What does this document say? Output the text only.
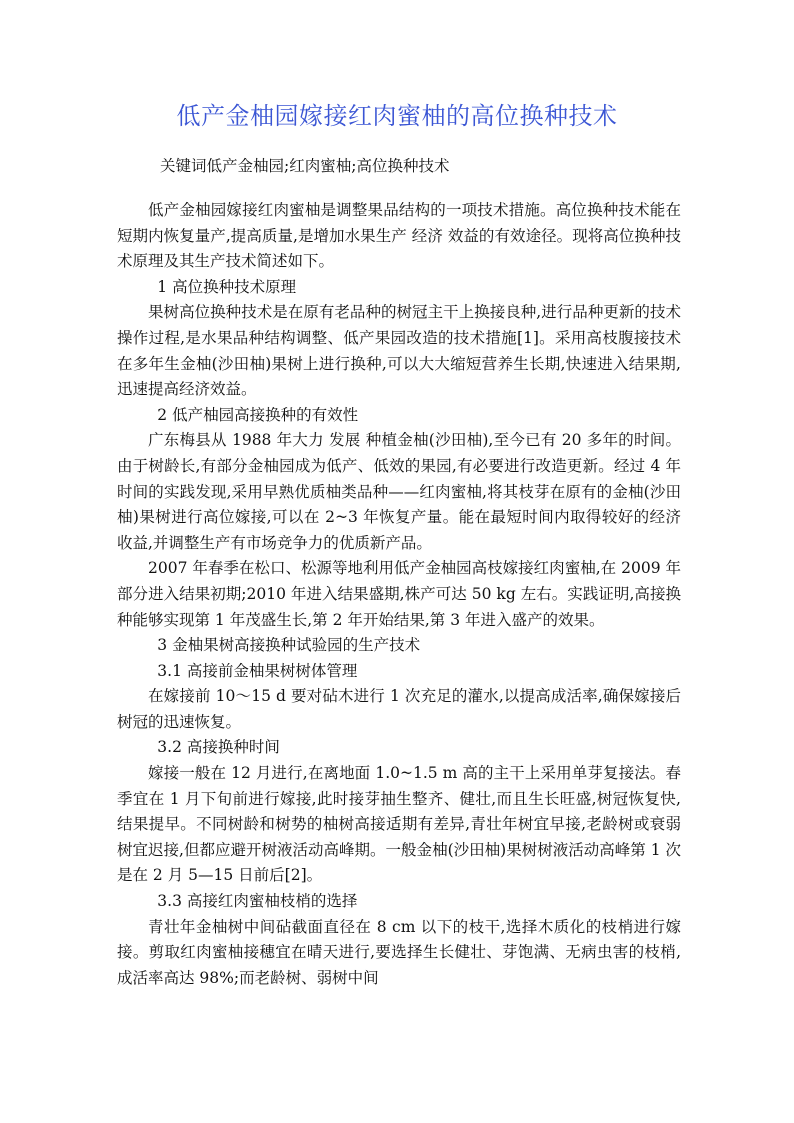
低产金柚园嫁接红肉蜜柚的高位换种技术

关键词低产金柚园;红肉蜜柚;高位换种技术

低产金柚园嫁接红肉蜜柚是调整果品结构的一项技术措施。高位换种技术能在短期内恢复量产,提高质量,是增加水果生产 经济 效益的有效途径。现将高位换种技术原理及其生产技术简述如下。

1 高位换种技术原理

果树高位换种技术是在原有老品种的树冠主干上换接良种,进行品种更新的技术操作过程,是水果品种结构调整、低产果园改造的技术措施[1]。采用高枝腹接技术在多年生金柚(沙田柚)果树上进行换种,可以大大缩短营养生长期,快速进入结果期,迅速提高经济效益。

2 低产柚园高接换种的有效性

广东梅县从 1988 年大力 发展 种植金柚(沙田柚),至今已有 20 多年的时间。由于树龄长,有部分金柚园成为低产、低效的果园,有必要进行改造更新。经过 4 年时间的实践发现,采用早熟优质柚类品种——红肉蜜柚,将其枝芽在原有的金柚(沙田柚)果树进行高位嫁接,可以在 2~3 年恢复产量。能在最短时间内取得较好的经济收益,并调整生产有市场竞争力的优质新产品。

2007 年春季在松口、松源等地利用低产金柚园高枝嫁接红肉蜜柚,在 2009 年部分进入结果初期;2010 年进入结果盛期,株产可达 50 kg 左右。实践证明,高接换种能够实现第 1 年茂盛生长,第 2 年开始结果,第 3 年进入盛产的效果。

3 金柚果树高接换种试验园的生产技术

3.1 高接前金柚果树树体管理

在嫁接前 10～15 d 要对砧木进行 1 次充足的灌水,以提高成活率,确保嫁接后树冠的迅速恢复。

3.2 高接换种时间

嫁接一般在 12 月进行,在离地面 1.0~1.5 m 高的主干上采用单芽复接法。春季宜在 1 月下旬前进行嫁接,此时接芽抽生整齐、健壮,而且生长旺盛,树冠恢复快,结果提早。不同树龄和树势的柚树高接适期有差异,青壮年树宜早接,老龄树或衰弱树宜迟接,但都应避开树液活动高峰期。一般金柚(沙田柚)果树树液活动高峰第 1 次是在 2 月 5—15 日前后[2]。

3.3 高接红肉蜜柚枝梢的选择

青壮年金柚树中间砧截面直径在 8 cm 以下的枝干,选择木质化的枝梢进行嫁接。剪取红肉蜜柚接穗宜在晴天进行,要选择生长健壮、芽饱满、无病虫害的枝梢,成活率高达 98%;而老龄树、弱树中间
